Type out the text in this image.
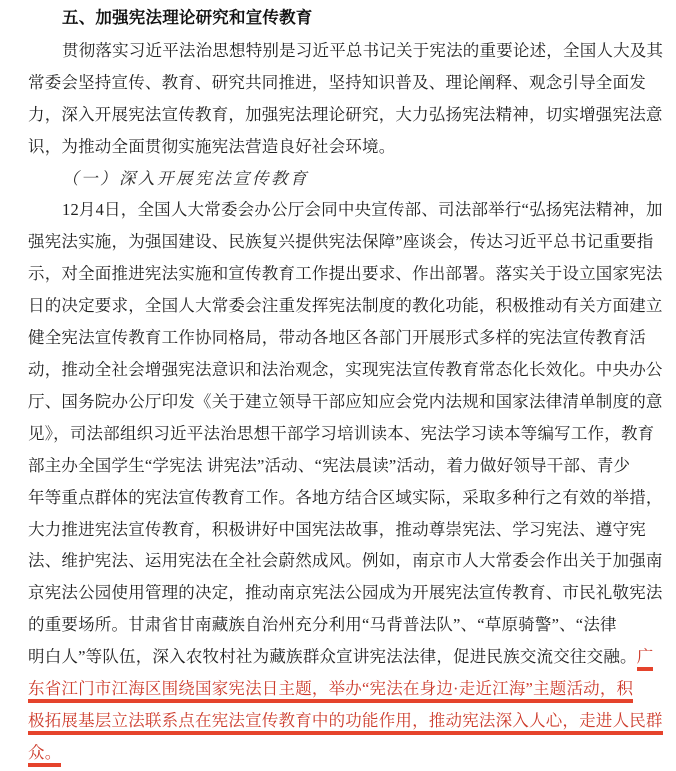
五、加强宪法理论研究和宣传教育
贯彻落实习近平法治思想特别是习近平总书记关于宪法的重要论述，全国人大及其
常委会坚持宣传、教育、研究共同推进，坚持知识普及、理论阐释、观念引导全面发
力，深入开展宪法宣传教育，加强宪法理论研究，大力弘扬宪法精神，切实增强宪法意
识，为推动全面贯彻实施宪法营造良好社会环境。
（一）深入开展宪法宣传教育
12月4日，全国人大常委会办公厅会同中央宣传部、司法部举行“弘扬宪法精神，加
强宪法实施，为强国建设、民族复兴提供宪法保障”座谈会，传达习近平总书记重要指
示，对全面推进宪法实施和宣传教育工作提出要求、作出部署。落实关于设立国家宪法
日的决定要求，全国人大常委会注重发挥宪法制度的教化功能，积极推动有关方面建立
健全宪法宣传教育工作协同格局，带动各地区各部门开展形式多样的宪法宣传教育活
动，推动全社会增强宪法意识和法治观念，实现宪法宣传教育常态化长效化。中央办公
厅、国务院办公厅印发《关于建立领导干部应知应会党内法规和国家法律清单制度的意
见》，司法部组织习近平法治思想干部学习培训读本、宪法学习读本等编写工作，教育
部主办全国学生“学宪法 讲宪法”活动、“宪法晨读”活动，着力做好领导干部、青少
年等重点群体的宪法宣传教育工作。各地方结合区域实际，采取多种行之有效的举措，
大力推进宪法宣传教育，积极讲好中国宪法故事，推动尊崇宪法、学习宪法、遵守宪
法、维护宪法、运用宪法在全社会蔚然成风。例如，南京市人大常委会作出关于加强南
京宪法公园使用管理的决定，推动南京宪法公园成为开展宪法宣传教育、市民礼敬宪法
的重要场所。甘肃省甘南藏族自治州充分利用“马背普法队”、“草原骑警”、“法律
明白人”等队伍，深入农牧村社为藏族群众宣讲宪法法律，促进民族交流交往交融。广
东省江门市江海区围绕国家宪法日主题，举办“宪法在身边·走近江海”主题活动，积
极拓展基层立法联系点在宪法宣传教育中的功能作用，推动宪法深入人心，走进人民群
众。
